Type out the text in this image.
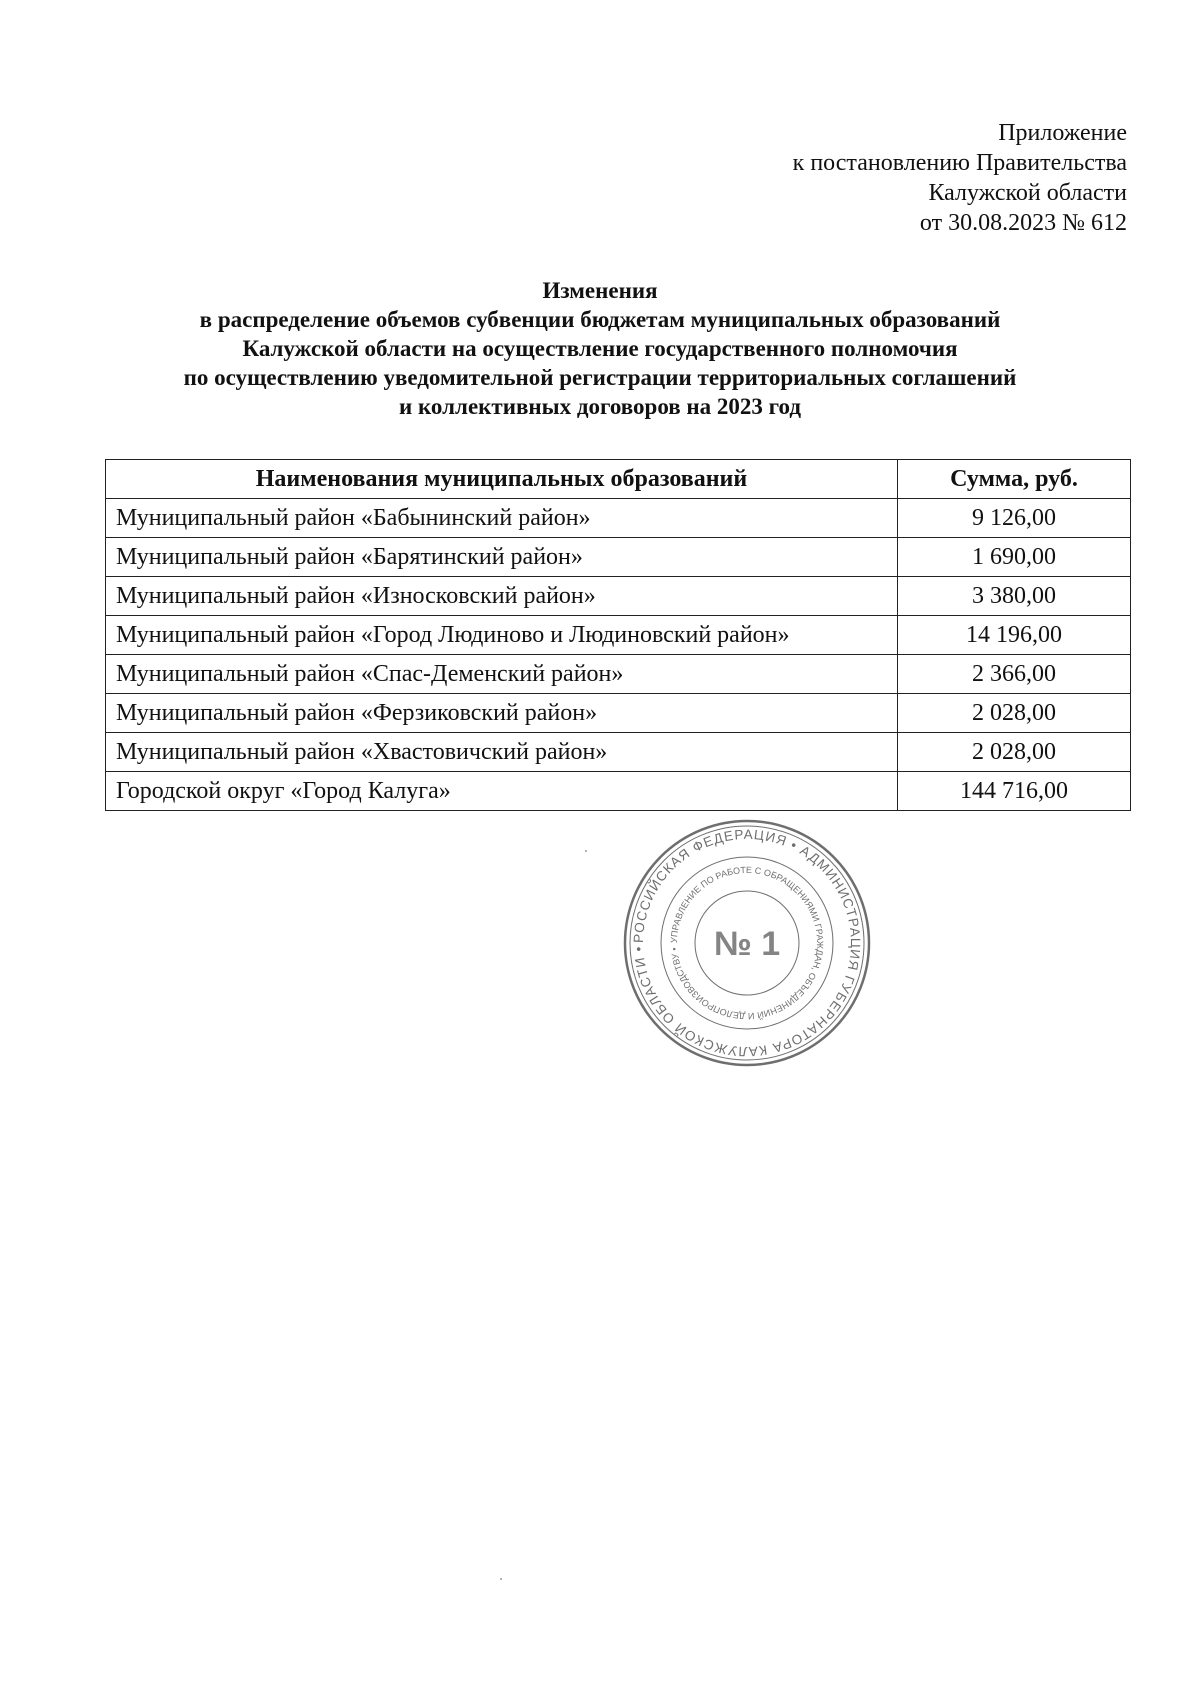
Приложение
к постановлению Правительства
Калужской области
от 30.08.2023 № 612
Изменения
в распределение объемов субвенции бюджетам муниципальных образований
Калужской области на осуществление государственного полномочия
по осуществлению уведомительной регистрации территориальных соглашений
и коллективных договоров на 2023 год
Наименования муниципальных образований	Сумма, руб.
Муниципальный район «Бабынинский район»	9 126,00
Муниципальный район «Барятинский район»	1 690,00
Муниципальный район «Износковский район»	3 380,00
Муниципальный район «Город Людиново и Людиновский район»	14 196,00
Муниципальный район «Спас-Деменский район»	2 366,00
Муниципальный район «Ферзиковский район»	2 028,00
Муниципальный район «Хвастовичский район»	2 028,00
Городской округ «Город Калуга»	144 716,00
РОССИЙСКАЯ ФЕДЕРАЦИЯ • АДМИНИСТРАЦИЯ ГУБЕРНАТОРА КАЛУЖСКОЙ ОБЛАСТИ •
УПРАВЛЕНИЕ ПО РАБОТЕ С ОБРАЩЕНИЯМИ ГРАЖДАН, ОБЪЕДИНЕНИЙ И ДЕЛОПРОИЗВОДСТВУ •	№ 1
